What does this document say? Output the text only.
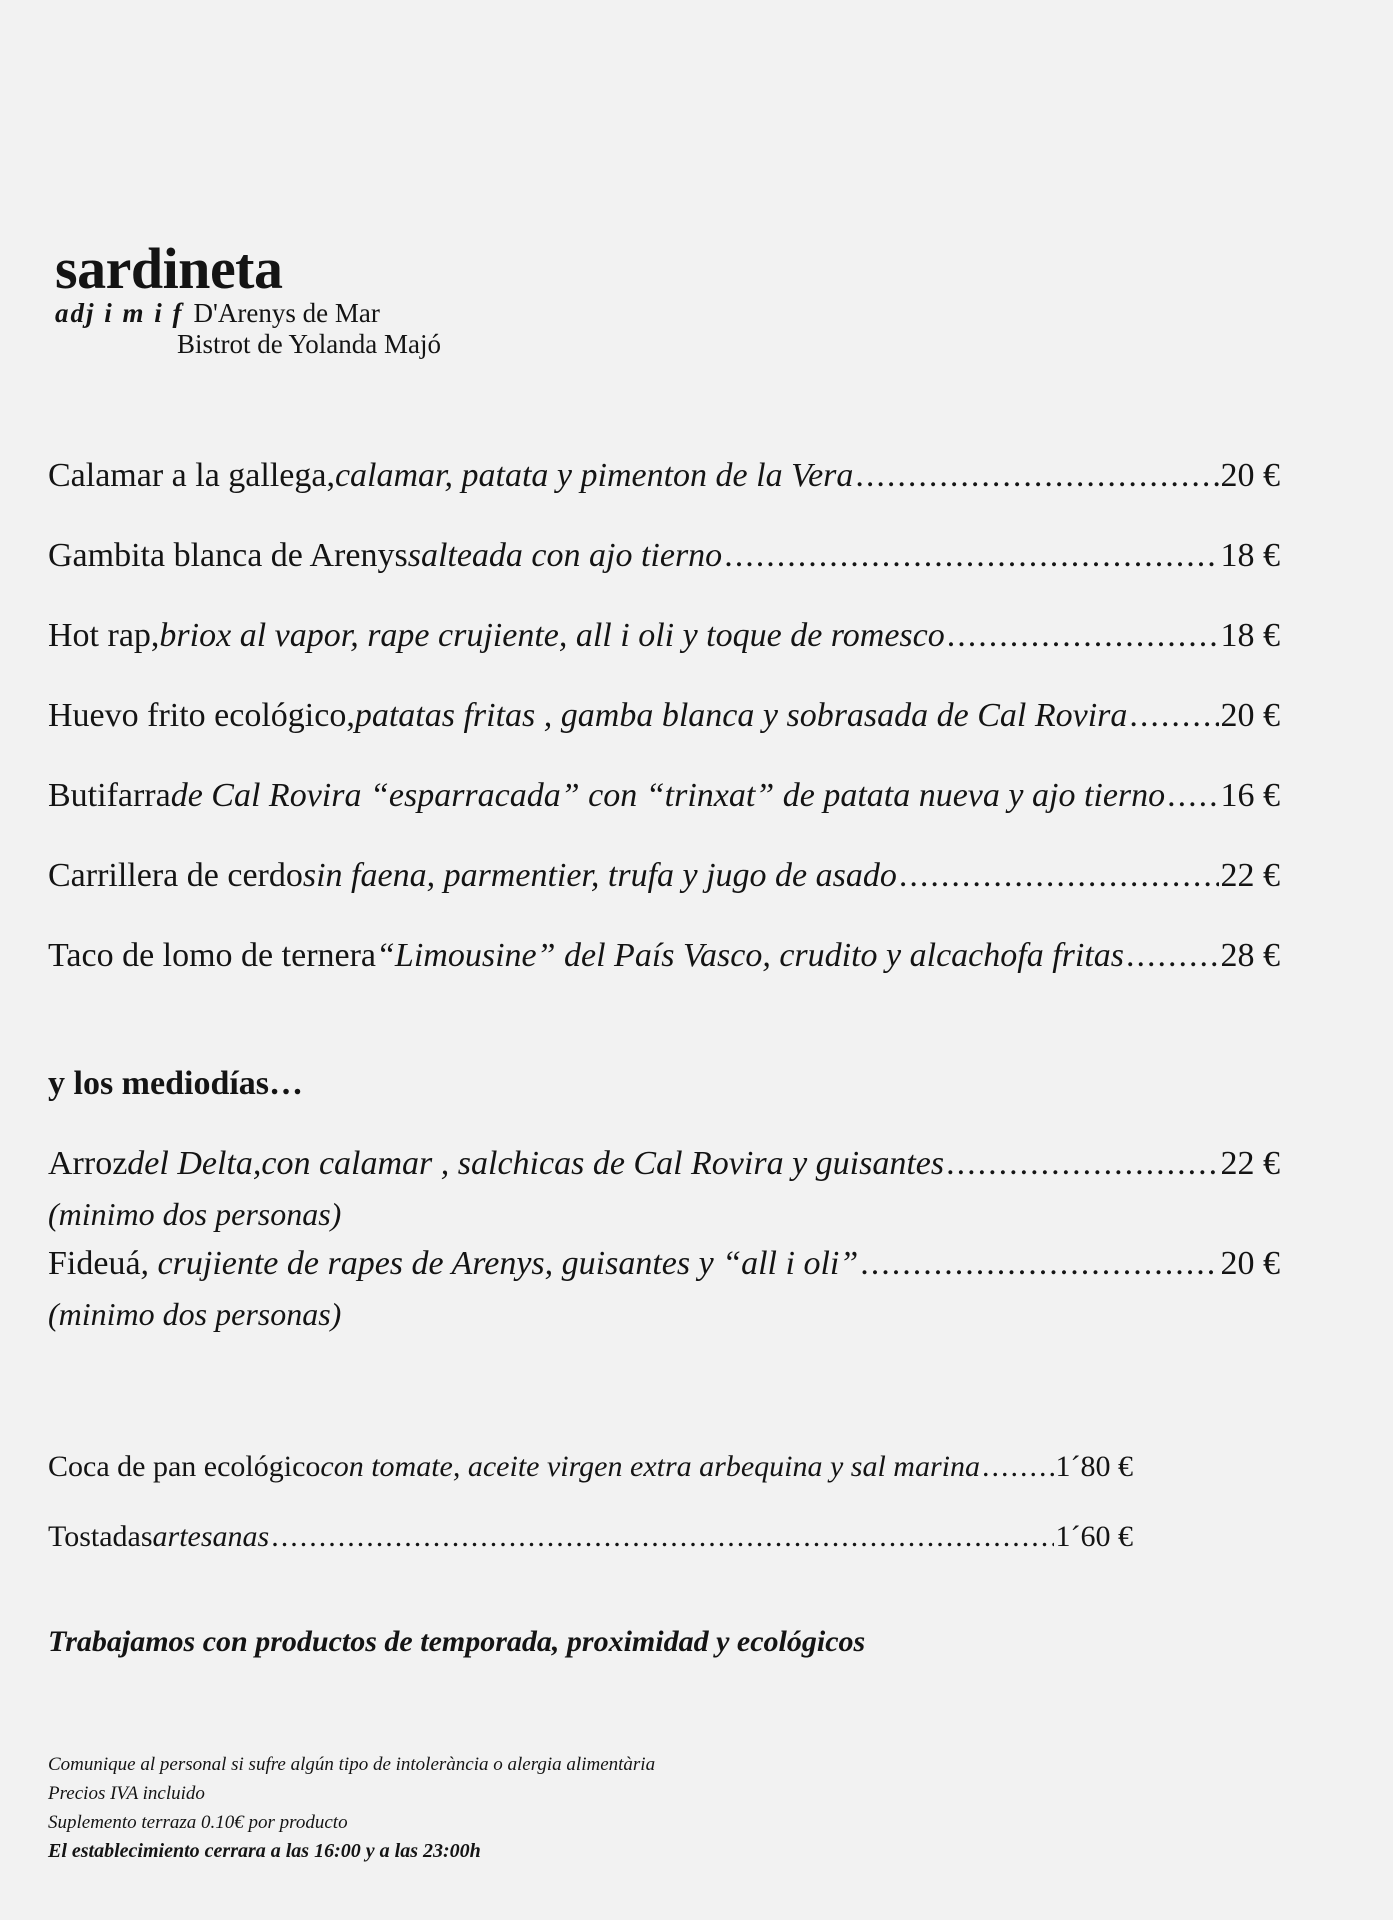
sardineta
adj i m i f D'Arenys de Mar
Bistrot de Yolanda Majó
Calamar a la gallega, calamar, patata y pimenton de la Vera .....	20 €
Gambita blanca de Arenys salteada con ajo tierno .....	18 €
Hot rap, briox al vapor, rape crujiente, all i oli y toque de romesco .....	18 €
Huevo frito ecológico, patatas fritas , gamba blanca y sobrasada de Cal Rovira .....	20 €
Butifarra de Cal Rovira “esparracada” con “trinxat” de patata nueva y ajo tierno ..... 16 €
Carrillera de cerdo sin faena, parmentier, trufa y jugo de asado .....	22 €
Taco de lomo de ternera “Limousine” del País Vasco, crudito y alcachofa fritas .....	28 €
y los mediodías…
Arroz del Delta,con calamar , salchicas de Cal Rovira y guisantes .....	22 €
(minimo dos personas)
Fideuá , crujiente de rapes de Arenys, guisantes y “all i oli” .....	20 €
(minimo dos personas)
Coca de pan ecológico con tomate, aceite virgen extra arbequina y sal marina .....	1´80 €
Tostadas artesanas .....	1´60 €
Trabajamos con productos de temporada, proximidad y ecológicos
Comunique al personal si sufre algún tipo de intolerància o alergia alimentària
Precios IVA incluido
Suplemento terraza 0.10€ por producto
El establecimiento cerrara a las 16:00 y a las 23:00h
